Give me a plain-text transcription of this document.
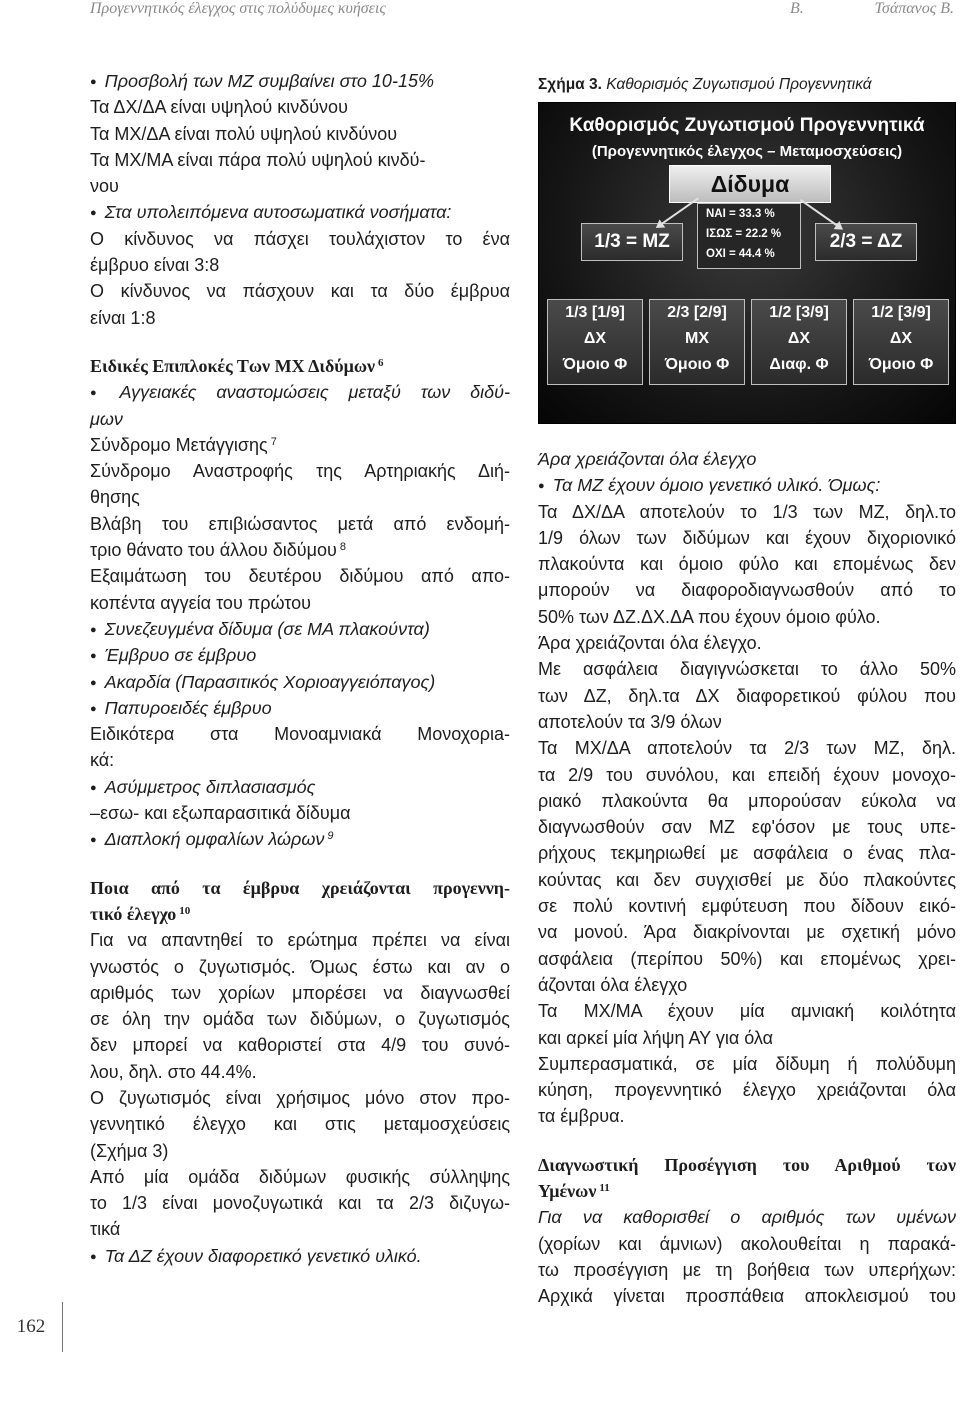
Προγεννητικός έλεγχος στις πολύδυμες κυήσεις	Β.	Τσάπανος Β.
● Προσβολή των ΜΖ συμβαίνει στο 10-15%
Τα ΔΧ/ΔΑ είναι υψηλού κινδύνου
Τα ΜΧ/ΔΑ είναι πολύ υψηλού κινδύνου
Τα ΜΧ/ΜΑ είναι πάρα πολύ υψηλού κινδύ-
νου
● Στα υπολειπόμενα αυτοσωματικά νοσήματα:
Ο κίνδυνος να πάσχει τουλάχιστον το ένα
έμβρυο είναι 3:8
Ο κίνδυνος να πάσχουν και τα δύο έμβρυα
είναι 1:8
Ειδικές Επιπλοκές Των ΜΧ Διδύμων $^6$
● Αγγειακές αναστομώσεις μεταξύ των διδύ-
μων
Σύνδρομο Μετάγγισης $^7$
Σύνδρομο Αναστροφής της Αρτηριακής Διή-
θησης
Βλάβη του επιβιώσαντος μετά από ενδομή-
τριο θάνατο του άλλου διδύμου $^8$
Εξαιμάτωση του δευτέρου διδύμου από απο-
κοπέντα αγγεία του πρώτου
● Συνεζευγμένα δίδυμα (σε ΜΑ πλακούντα)
● Έμβρυο σε έμβρυο
● Ακαρδία (Παρασιτικός Χοριοαγγειόπαγος)
● Παπυροειδές έμβρυο
Ειδικότερα στα Μονοαμνιακά Μονοχοριa-
κά:
● Ασύμμετρος διπλασιασμός
–εσω- και εξωπαρασιτικά δίδυμα
● Διαπλοκή ομφαλίων λώρων $^9$
Ποια από τα έμβρυα χρειάζονται προγεννη-
τικό έλεγχο $^{10}$
Για να απαντηθεί το ερώτημα πρέπει να είναι
γνωστός ο ζυγωτισμός. Όμως έστω και αν ο
αριθμός των χορίων μπορέσει να διαγνωσθεί
σε όλη την ομάδα των διδύμων, ο ζυγωτισμός
δεν μπορεί να καθοριστεί στα 4/9 του συνό-
λου, δηλ. στο 44.4%.
Ο ζυγωτισμός είναι χρήσιμος μόνο στον προ-
γεννητικό έλεγχο και στις μεταμοσχεύσεις
(Σχήμα 3)
Από μία ομάδα διδύμων φυσικής σύλληψης
το 1/3 είναι μονοζυγωτικά και τα 2/3 διζυγω-
τικά
● Τα ΔΖ έχουν διαφορετικό γενετικό υλικό.
Σχήμα 3. Καθορισμός Ζυγωτισμού Προγεννητικά
Καθορισμός Ζυγωτισμού Προγεννητικά
(Προγεννητικός έλεγχος – Μεταμοσχεύσεις)
Δίδυμα
1/3 = ΜΖ	2/3 = ΔΖ
ΝΑΙ = 33.3 %
ΙΣΩΣ = 22.2 %
ΟΧΙ = 44.4 %
1/3 [1/9]
ΔΧ
Όμοιο Φ
2/3 [2/9]
ΜΧ
Όμοιο Φ
1/2 [3/9]
ΔΧ
Διαφ. Φ
1/2 [3/9]
ΔΧ
Όμοιο Φ
Άρα χρειάζονται όλα έλεγχο
● Τα ΜΖ έχουν όμοιο γενετικό υλικό. Όμως:
Τα ΔΧ/ΔΑ αποτελούν το 1/3 των ΜΖ, δηλ.το
1/9 όλων των διδύμων και έχουν διχοριονικό
πλακούντα και όμοιο φύλο και επομένως δεν
μπορούν να διαφοροδιαγνωσθούν από το
50% των ΔΖ.ΔΧ.ΔΑ που έχουν όμοιο φύλο.
Άρα χρειάζονται όλα έλεγχο.
Με ασφάλεια διαγιγνώσκεται το άλλο 50%
των ΔΖ, δηλ.τα ΔΧ διαφορετικού φύλου που
αποτελούν τα 3/9 όλων
Τα ΜΧ/ΔΑ αποτελούν τα 2/3 των ΜΖ, δηλ.
τα 2/9 του συνόλου, και επειδή έχουν μονοχο-
ριακό πλακούντα θα μπορούσαν εύκολα να
διαγνωσθούν σαν ΜΖ εφ'όσον με τους υπε-
ρήχους τεκμηριωθεί με ασφάλεια ο ένας πλα-
κούντας και δεν συγχισθεί με δύο πλακούντες
σε πολύ κοντινή εμφύτευση που δίδουν εικό-
να μονού. Άρα διακρίνονται με σχετική μόνο
ασφάλεια (περίπου 50%) και επομένως χρει-
άζονται όλα έλεγχο
Τα ΜΧ/ΜΑ έχουν μία αμνιακή κοιλότητα
και αρκεί μία λήψη ΑΥ για όλα
Συμπερασματικά, σε μία δίδυμη ή πολύδυμη
κύηση, προγεννητικό έλεγχο χρειάζονται όλα
τα έμβρυα.
Διαγνωστική Προσέγγιση του Αριθμού των
Υμένων $^{11}$
Για να καθορισθεί ο αριθμός των υμένων
(χορίων και άμνιων) ακολουθείται η παρακά-
τω προσέγγιση με τη βοήθεια των υπερήχων:
Αρχικά γίνεται προσπάθεια αποκλεισμού του
162
